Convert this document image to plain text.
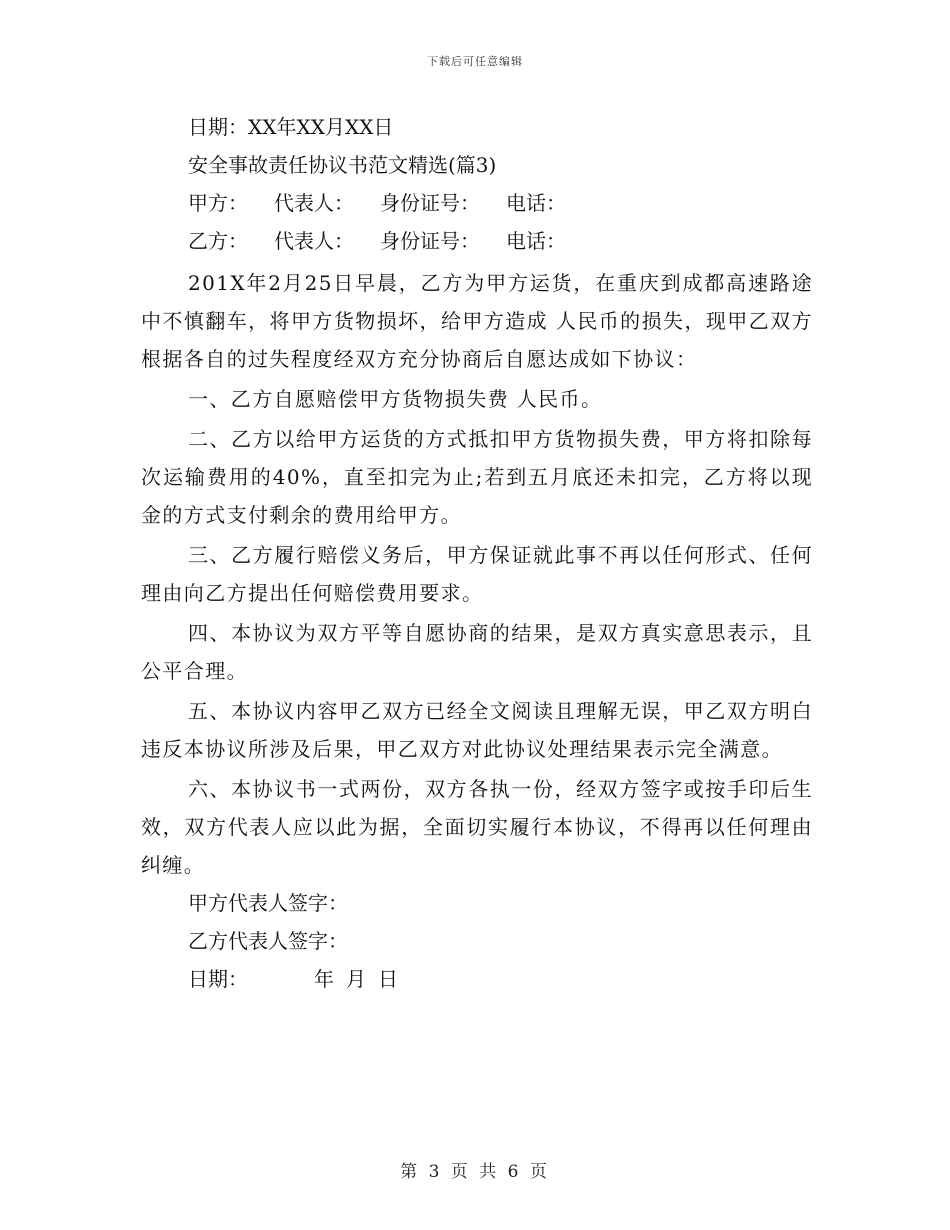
下载后可任意编辑
日期：XX年XX月XX日
安全事故责任协议书范文精选(篇3)
甲方： 代表人： 身份证号： 电话：
乙方： 代表人： 身份证号： 电话：

201X年2月25日早晨，乙方为甲方运货，在重庆到成都高速路途中不慎翻车，将甲方货物损坏，给甲方造成 人民币的损失，现甲乙双方根据各自的过失程度经双方充分协商后自愿达成如下协议：

一、乙方自愿赔偿甲方货物损失费 人民币。

二、乙方以给甲方运货的方式抵扣甲方货物损失费，甲方将扣除每次运输费用的40%，直至扣完为止;若到五月底还未扣完，乙方将以现金的方式支付剩余的费用给甲方。

三、乙方履行赔偿义务后，甲方保证就此事不再以任何形式、任何理由向乙方提出任何赔偿费用要求。

四、本协议为双方平等自愿协商的结果，是双方真实意思表示，且公平合理。

五、本协议内容甲乙双方已经全文阅读且理解无误，甲乙双方明白违反本协议所涉及后果，甲乙双方对此协议处理结果表示完全满意。

六、本协议书一式两份，双方各执一份，经双方签字或按手印后生效，双方代表人应以此为据，全面切实履行本协议，不得再以任何理由纠缠。

甲方代表人签字：
乙方代表人签字：
日期：	年 月 日
第 3 页 共 6 页
